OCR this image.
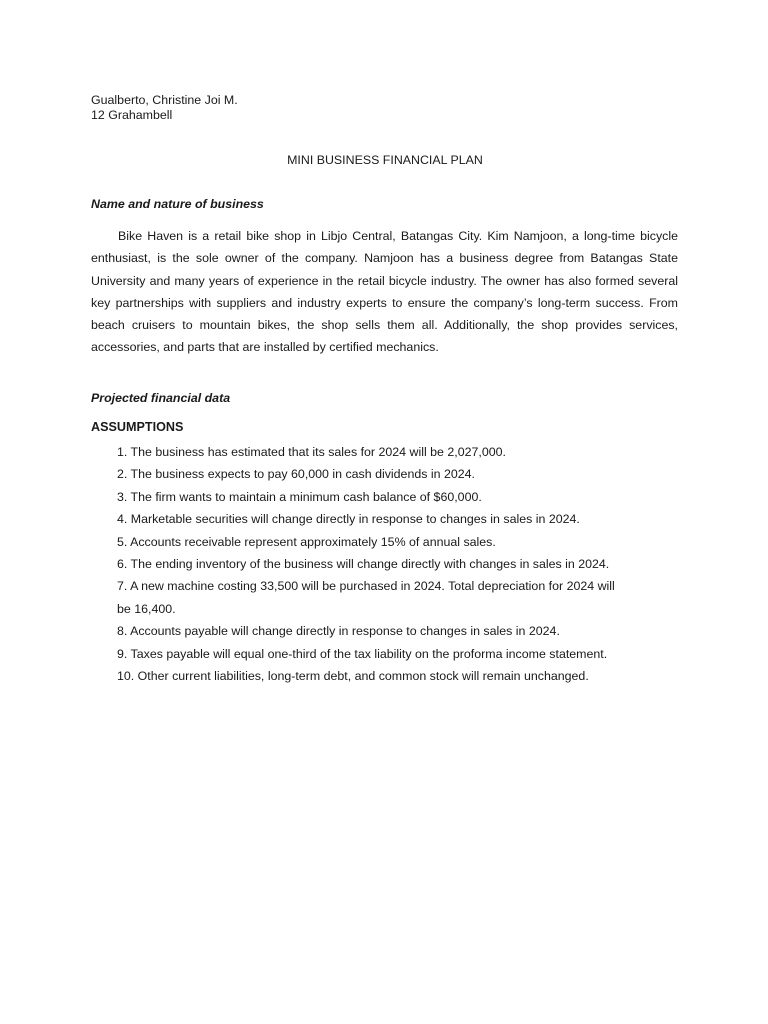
Gualberto, Christine Joi M.
12 Grahambell
MINI BUSINESS FINANCIAL PLAN
Name and nature of business

Bike Haven is a retail bike shop in Libjo Central, Batangas City. Kim Namjoon, a long-time bicycle enthusiast, is the sole owner of the company. Namjoon has a business degree from Batangas State University and many years of experience in the retail bicycle industry. The owner has also formed several key partnerships with suppliers and industry experts to ensure the company’s long-term success. From beach cruisers to mountain bikes, the shop sells them all. Additionally, the shop provides services, accessories, and parts that are installed by certified mechanics.

Projected financial data
ASSUMPTIONS
1. The business has estimated that its sales for 2024 will be 2,027,000.
2. The business expects to pay 60,000 in cash dividends in 2024.
3. The firm wants to maintain a minimum cash balance of $60,000.
4. Marketable securities will change directly in response to changes in sales in 2024.
5. Accounts receivable represent approximately 15% of annual sales.
6. The ending inventory of the business will change directly with changes in sales in 2024.
7. A new machine costing 33,500 will be purchased in 2024. Total depreciation for 2024 will
be 16,400.
8. Accounts payable will change directly in response to changes in sales in 2024.
9. Taxes payable will equal one-third of the tax liability on the proforma income statement.
10. Other current liabilities, long-term debt, and common stock will remain unchanged.
